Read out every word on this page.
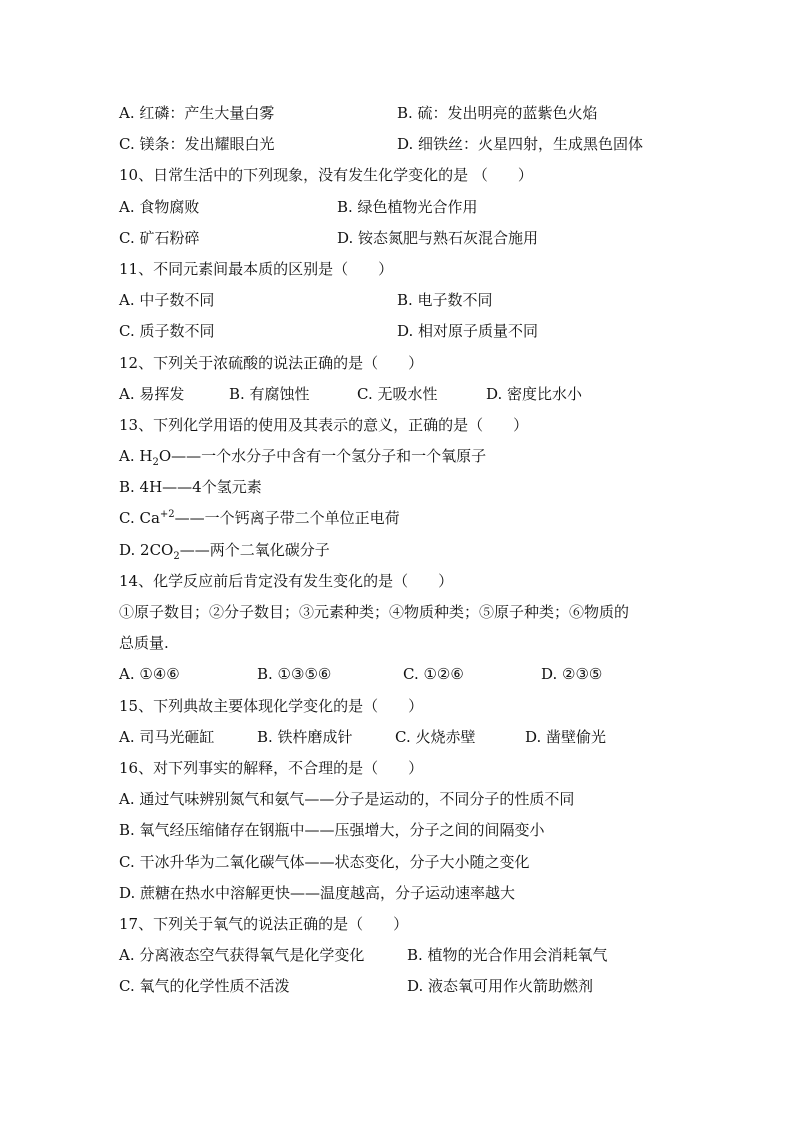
A. 红磷：产生大量白雾	B. 硫：发出明亮的蓝紫色火焰
C. 镁条：发出耀眼白光	D. 细铁丝：火星四射，生成黑色固体
10、日常生活中的下列现象，没有发生化学变化的是 （　　）
A. 食物腐败	B. 绿色植物光合作用
C. 矿石粉碎	D. 铵态氮肥与熟石灰混合施用
11、不同元素间最本质的区别是（　　）
A. 中子数不同	B. 电子数不同
C. 质子数不同	D. 相对原子质量不同
12、下列关于浓硫酸的说法正确的是（　　）
A. 易挥发	B. 有腐蚀性	C. 无吸水性	D. 密度比水小
13、下列化学用语的使用及其表示的意义，正确的是（　　）
A. $H_2O——$一个水分子中含有一个氢分子和一个氧原子
B. 4H——4个氢元素
C. $Ca^{+2}——$一个钙离子带二个单位正电荷
D. $2CO_2——$两个二氧化碳分子
14、化学反应前后肯定没有发生变化的是（　　）
①原子数目；②分子数目；③元素种类；④物质种类；⑤原子种类；⑥物质的
总质量.
A. ①④⑥	B. ①③⑤⑥	C. ①②⑥	D. ②③⑤
15、下列典故主要体现化学变化的是（　　）
A. 司马光砸缸	B. 铁杵磨成针	C. 火烧赤壁	D. 凿壁偷光
16、对下列事实的解释，不合理的是（　　）
A. 通过气味辨别氮气和氨气——分子是运动的，不同分子的性质不同
B. 氧气经压缩储存在钢瓶中——压强增大，分子之间的间隔变小
C. 干冰升华为二氧化碳气体——状态变化，分子大小随之变化
D. 蔗糖在热水中溶解更快——温度越高，分子运动速率越大
17、下列关于氧气的说法正确的是（　　）
A. 分离液态空气获得氧气是化学变化	B. 植物的光合作用会消耗氧气
C. 氧气的化学性质不活泼	D. 液态氧可用作火箭助燃剂
